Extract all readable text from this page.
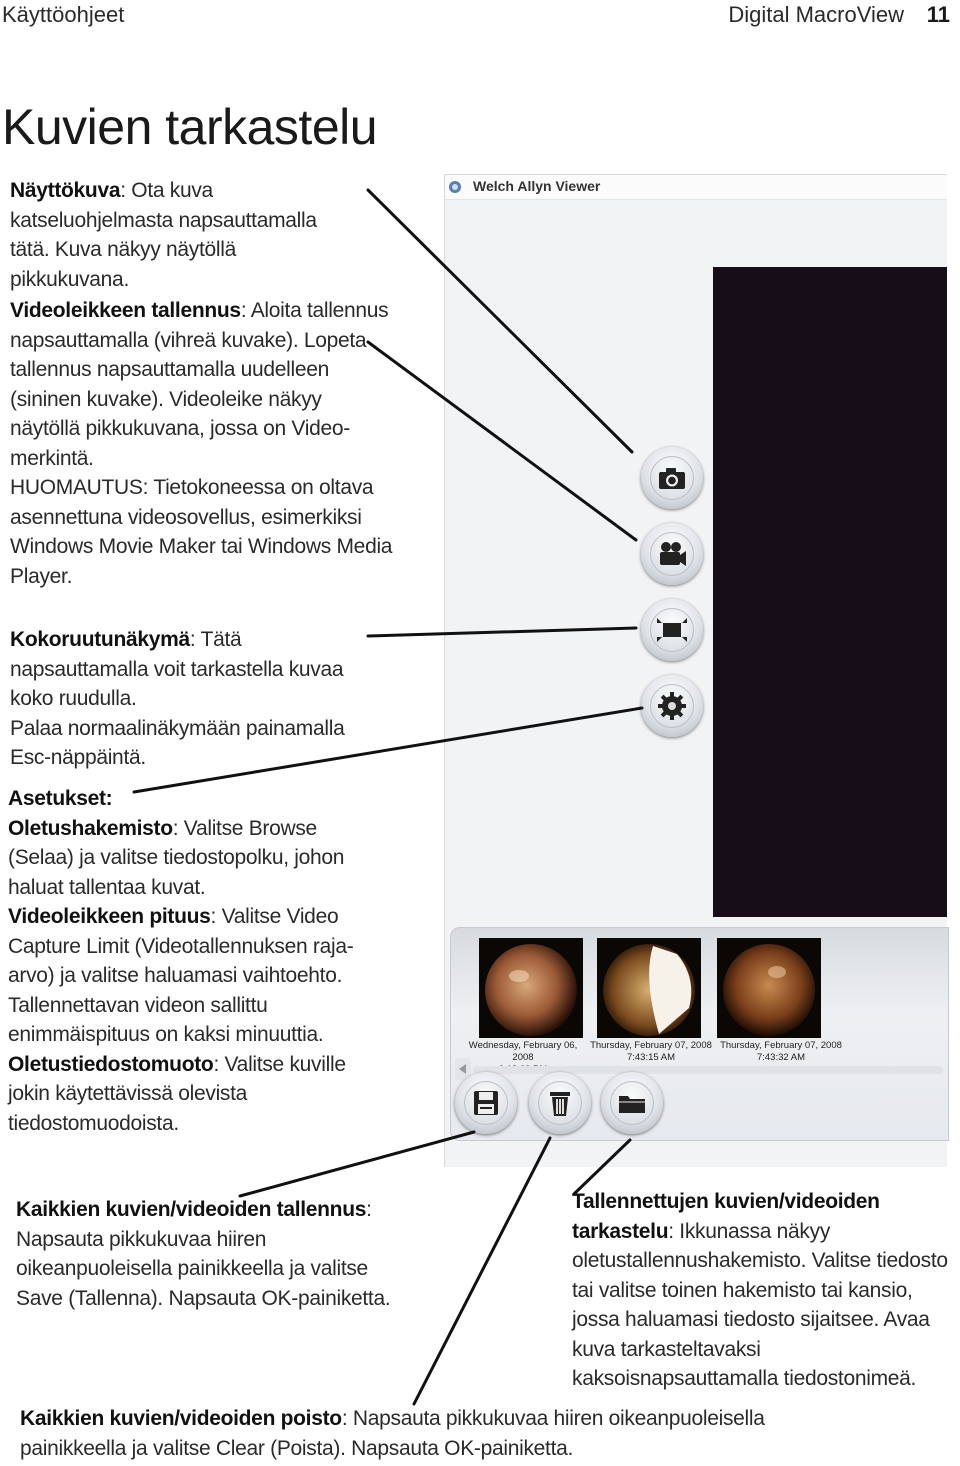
Käyttöohjeet	Digital MacroView 11
Kuvien tarkastelu
Näyttökuva: Ota kuva katseluohjelmasta napsauttamalla tätä. Kuva näkyy näytöllä pikkukuvana.

Videoleikkeen tallennus: Aloita tallennus napsauttamalla (vihreä kuvake). Lopeta tallennus napsauttamalla uudelleen (sininen kuvake). Videoleike näkyy näytöllä pikkukuvana, jossa on Video-merkintä.

HUOMAUTUS: Tietokoneessa on oltava asennettuna videosovellus, esimerkiksi Windows Movie Maker tai Windows Media Player.

Kokoruutunäkymä: Tätä napsauttamalla voit tarkastella kuvaa koko ruudulla.

Palaa normaalinäkymään painamalla Esc-näppäintä.

Asetukset:

Oletushakemisto: Valitse Browse (Selaa) ja valitse tiedostopolku, johon haluat tallentaa kuvat.

Videoleikkeen pituus: Valitse Video Capture Limit (Videotallennuksen raja-arvo) ja valitse haluamasi vaihtoehto. Tallennettavan videon sallittu enimmäispituus on kaksi minuuttia.

Oletustiedostomuoto: Valitse kuville jokin käytettävissä olevista tiedostomuodoista.

Kaikkien kuvien/videoiden tallennus: Napsauta pikkukuvaa hiiren oikeanpuoleisella painikkeella ja valitse Save (Tallenna). Napsauta OK-painiketta.
Tallennettujen kuvien/videoiden tarkastelu: Ikkunassa näkyy oletustallennushakemisto. Valitse tiedosto tai valitse toinen hakemisto tai kansio, jossa haluamasi tiedosto sijaitsee. Avaa kuva tarkasteltavaksi kaksoisnapsauttamalla tiedostonimeä.
Kaikkien kuvien/videoiden poisto: Napsauta pikkukuvaa hiiren oikeanpuoleisella painikkeella ja valitse Clear (Poista). Napsauta OK-painiketta.
Welch Allyn Viewer
Wednesday, February 06, 2008
Thursday, February 07, 2008
7:43:15 AM
Thursday, February 07, 2008
7:43:32 AM
